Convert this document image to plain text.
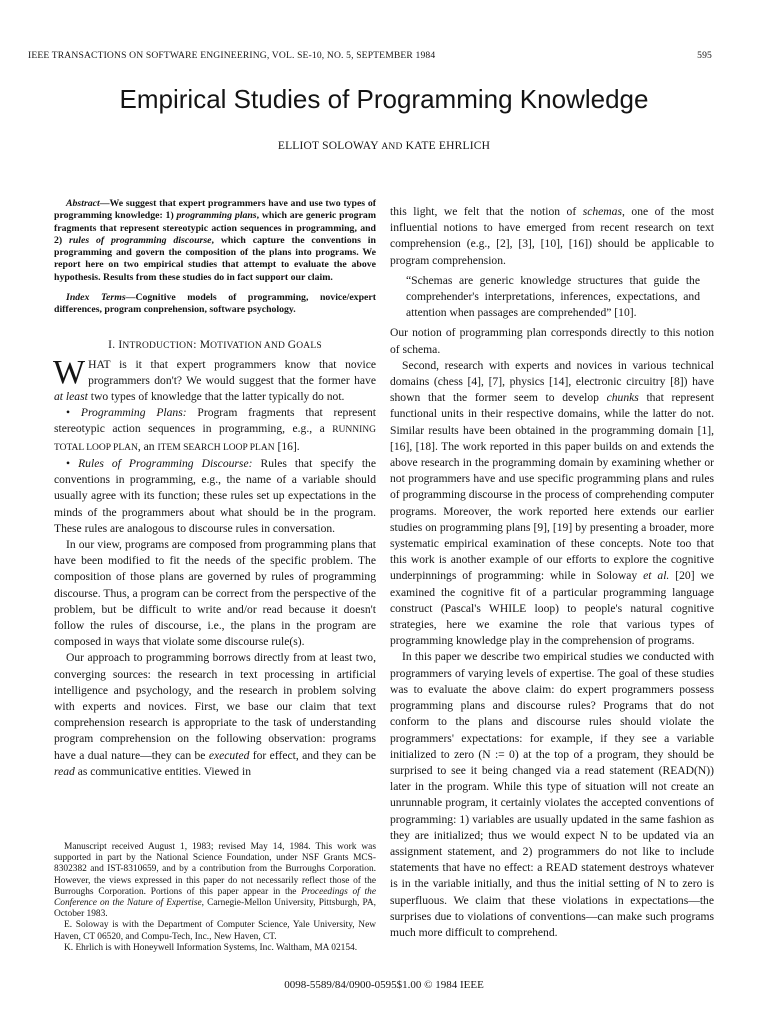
IEEE TRANSACTIONS ON SOFTWARE ENGINEERING, VOL. SE-10, NO. 5, SEPTEMBER 1984	595
Empirical Studies of Programming Knowledge
ELLIOT SOLOWAY AND KATE EHRLICH

Abstract—We suggest that expert programmers have and use two types of programming knowledge: 1) programming plans, which are generic program fragments that represent stereotypic action sequences in programming, and 2) rules of programming discourse, which capture the conventions in programming and govern the composition of the plans into programs. We report here on two empirical studies that attempt to evaluate the above hypothesis. Results from these studies do in fact support our claim.

Index Terms—Cognitive models of programming, novice/expert differences, program conprehension, software psychology.

I. INTRODUCTION: MOTIVATION AND GOALS

WHAT is it that expert programmers know that novice programmers don't? We would suggest that the former have at least two types of knowledge that the latter typically do not.

• Programming Plans: Program fragments that represent stereotypic action sequences in programming, e.g., a RUNNING TOTAL LOOP PLAN, an ITEM SEARCH LOOP PLAN [16].

• Rules of Programming Discourse: Rules that specify the conventions in programming, e.g., the name of a variable should usually agree with its function; these rules set up expectations in the minds of the programmers about what should be in the program. These rules are analogous to discourse rules in conversation.

In our view, programs are composed from programming plans that have been modified to fit the needs of the specific problem. The composition of those plans are governed by rules of programming discourse. Thus, a program can be correct from the perspective of the problem, but be difficult to write and/or read because it doesn't follow the rules of discourse, i.e., the plans in the program are composed in ways that violate some discourse rule(s).

Our approach to programming borrows directly from at least two, converging sources: the research in text processing in artificial intelligence and psychology, and the research in problem solving with experts and novices. First, we base our claim that text comprehension research is appropriate to the task of understanding program comprehension on the following observation: programs have a dual nature—they can be executed for effect, and they can be read as communicative entities. Viewed in

Manuscript received August 1, 1983; revised May 14, 1984. This work was supported in part by the National Science Foundation, under NSF Grants MCS-8302382 and IST-8310659, and by a contribution from the Burroughs Corporation. However, the views expressed in this paper do not necessarily reflect those of the Burroughs Corporation. Portions of this paper appear in the Proceedings of the Conference on the Nature of Expertise, Carnegie-Mellon University, Pittsburgh, PA, October 1983.

E. Soloway is with the Department of Computer Science, Yale University, New Haven, CT 06520, and Compu-Tech, Inc., New Haven, CT.

K. Ehrlich is with Honeywell Information Systems, Inc. Waltham, MA 02154.

this light, we felt that the notion of schemas, one of the most influential notions to have emerged from recent research on text comprehension (e.g., [2], [3], [10], [16]) should be applicable to program comprehension.

“Schemas are generic knowledge structures that guide the comprehender's interpretations, inferences, expectations, and attention when passages are comprehended” [10].

Our notion of programming plan corresponds directly to this notion of schema.

Second, research with experts and novices in various technical domains (chess [4], [7], physics [14], electronic circuitry [8]) have shown that the former seem to develop chunks that represent functional units in their respective domains, while the latter do not. Similar results have been obtained in the programming domain [1], [16], [18]. The work reported in this paper builds on and extends the above research in the programming domain by examining whether or not programmers have and use specific programming plans and rules of programming discourse in the process of comprehending computer programs. Moreover, the work reported here extends our earlier studies on programming plans [9], [19] by presenting a broader, more systematic empirical examination of these concepts. Note too that this work is another example of our efforts to explore the cognitive underpinnings of programming: while in Soloway et al. [20] we examined the cognitive fit of a particular programming language construct (Pascal's WHILE loop) to people's natural cognitive strategies, here we examine the role that various types of programming knowledge play in the comprehension of programs.

In this paper we describe two empirical studies we conducted with programmers of varying levels of expertise. The goal of these studies was to evaluate the above claim: do expert programmers possess programming plans and discourse rules? Programs that do not conform to the plans and discourse rules should violate the programmers' expectations: for example, if they see a variable initialized to zero (N := 0) at the top of a program, they should be surprised to see it being changed via a read statement (READ(N)) later in the program. While this type of situation will not create an unrunnable program, it certainly violates the accepted conventions of programming: 1) variables are usually updated in the same fashion as they are initialized; thus we would expect N to be updated via an assignment statement, and 2) programmers do not like to include statements that have no effect: a READ statement destroys whatever is in the variable initially, and thus the initial setting of N to zero is superfluous. We claim that these violations in expectations—the surprises due to violations of conventions—can make such programs much more difficult to comprehend.

0098-5589/84/0900-0595$1.00 © 1984 IEEE
